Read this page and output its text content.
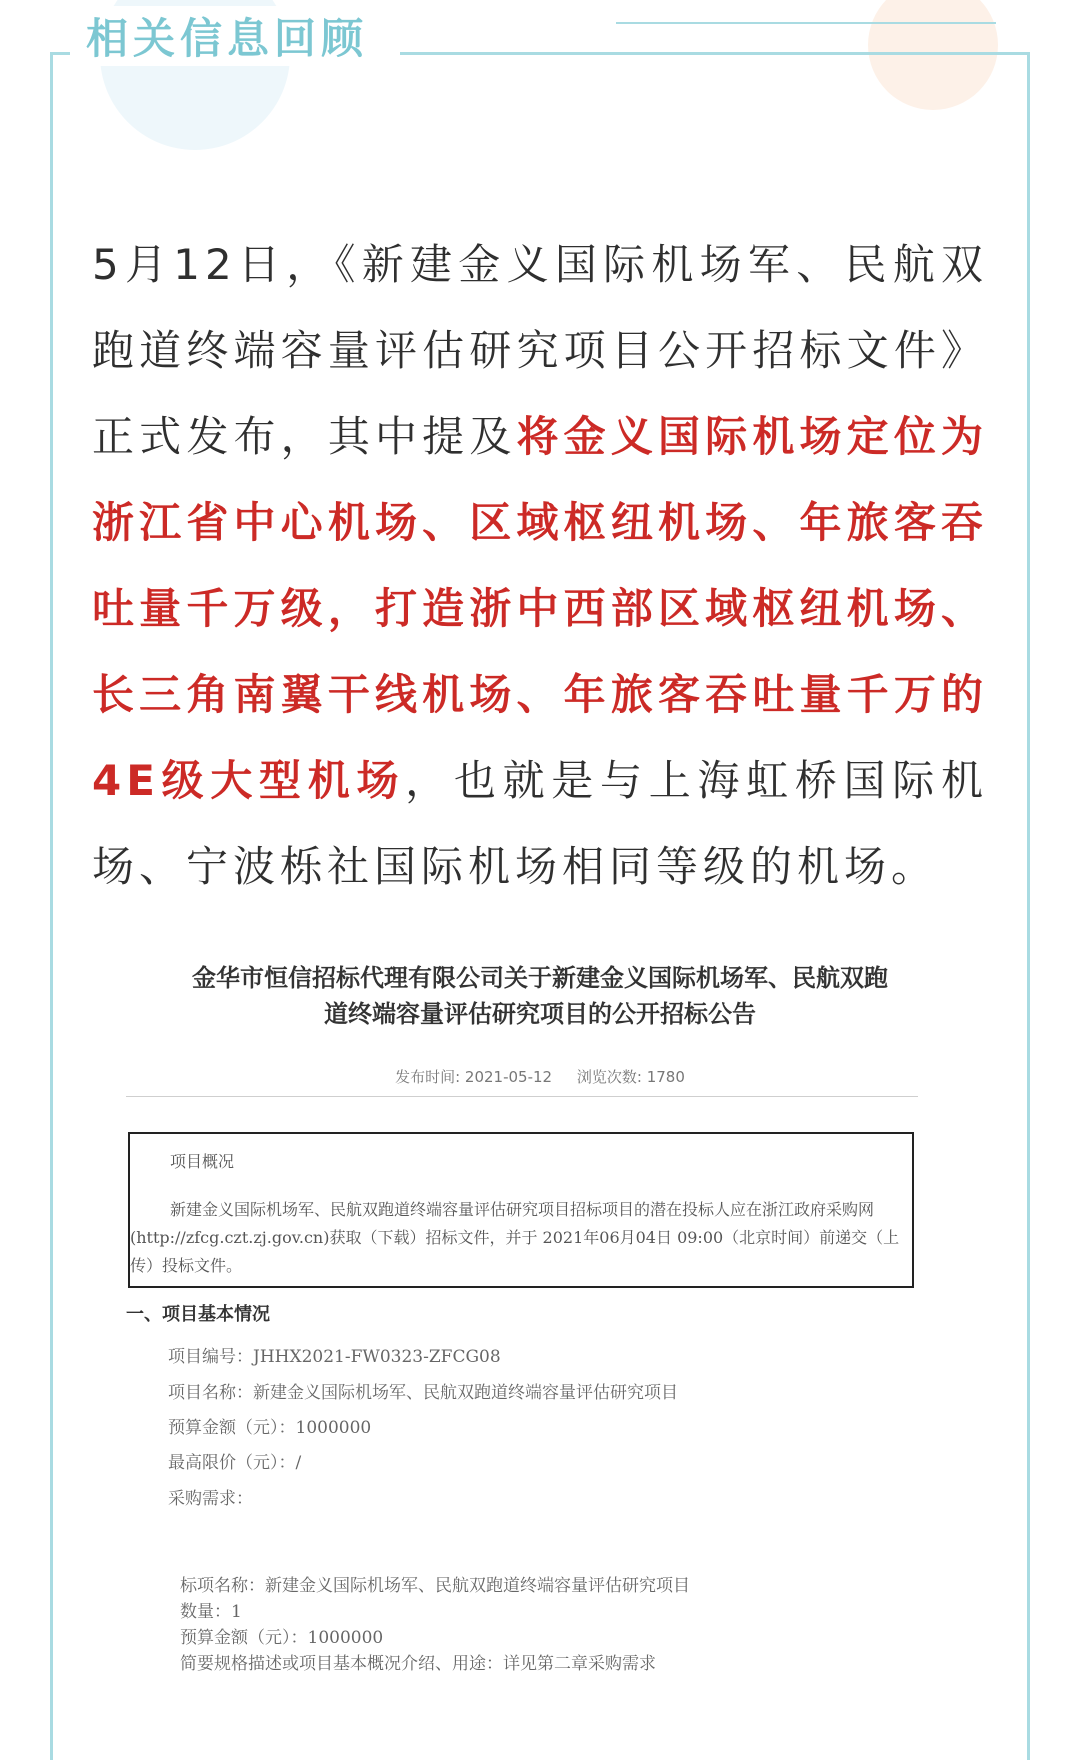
相关信息回顾
5月12日，《新建金义国际机场军、民航双跑道终端容量评估研究项目公开招标文件》正式发布，其中提及将金义国际机场定位为浙江省中心机场、区域枢纽机场、年旅客吞吐量千万级，打造浙中西部区域枢纽机场、长三角南翼干线机场、年旅客吞吐量千万的4E级大型机场，也就是与上海虹桥国际机场、宁波栎社国际机场相同等级的机场。
金华市恒信招标代理有限公司关于新建金义国际机场军、民航双跑
道终端容量评估研究项目的公开招标公告
发布时间: 2021-05-12 浏览次数: 1780
项目概况
新建金义国际机场军、民航双跑道终端容量评估研究项目招标项目的潜在投标人应在浙江政府采购网(http://zfcg.czt.zj.gov.cn)获取（下载）招标文件，并于 2021年06月04日 09:00（北京时间）前递交（上传）投标文件。
一、项目基本情况
项目编号：JHHX2021-FW0323-ZFCG08
项目名称：新建金义国际机场军、民航双跑道终端容量评估研究项目
预算金额（元）：1000000
最高限价（元）：/
采购需求：
标项名称：新建金义国际机场军、民航双跑道终端容量评估研究项目
数量：1
预算金额（元）：1000000
简要规格描述或项目基本概况介绍、用途：详见第二章采购需求
